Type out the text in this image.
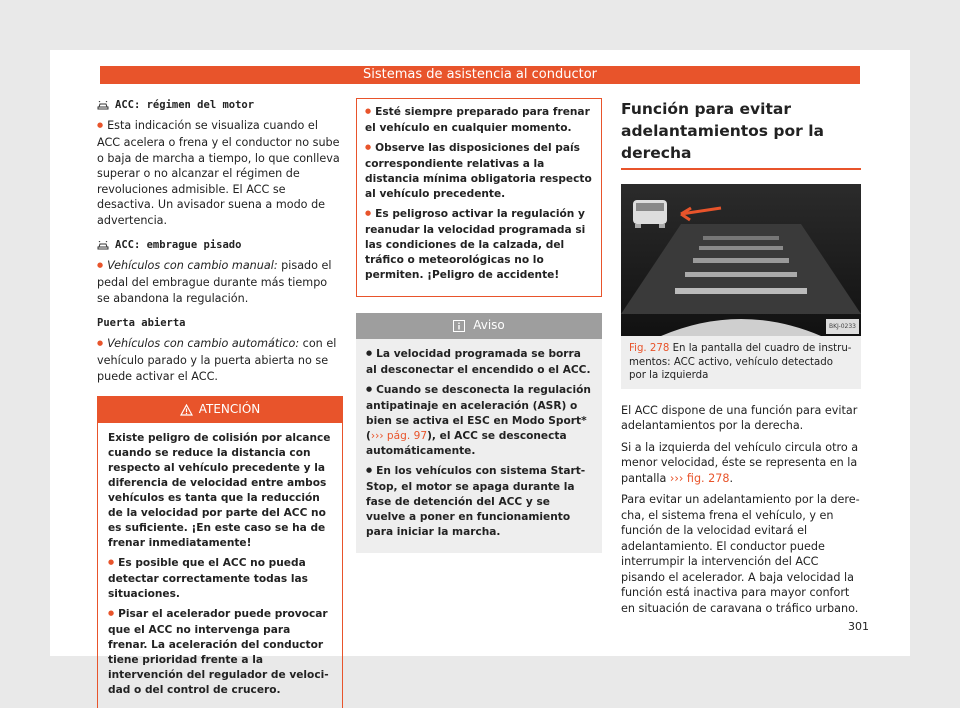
Sistemas de asistencia al conductor
ACC: régimen del motor

● Esta indicación se visualiza cuando el ACC acelera o frena y el conductor no sube o baja de marcha a tiempo, lo que conlleva superar o no alcanzar el régimen de revoluciones admisible. El ACC se desactiva. Un avisador suena a modo de advertencia.

ACC: embrague pisado

● Vehículos con cambio manual: pisado el pedal del embrague durante más tiempo se abandona la regulación.

Puerta abierta

● Vehículos con cambio automático: con el vehículo parado y la puerta abierta no se puede activar el ACC.

ATENCIÓN

Existe peligro de colisión por alcance cuando se reduce la distancia con respecto al vehículo precedente y la diferencia de velocidad entre ambos vehículos es tanta que la reducción de la velocidad por parte del ACC no es suficiente. ¡En este caso se ha de frenar inmediatamente!

● Es posible que el ACC no pueda detectar correctamente todas las situaciones.

● Pisar el acelerador puede provocar que el ACC no intervenga para frenar. La aceleración del conductor tiene prioridad frente a la intervención del regulador de velocidad o del control de crucero.

● Esté siempre preparado para frenar el vehículo en cualquier momento.

● Observe las disposiciones del país correspondiente relativas a la distancia mínima obligatoria respecto al vehículo precedente.

● Es peligroso activar la regulación y reanudar la velocidad programada si las condiciones de la calzada, del tráfico o meteorológicas no lo permiten. ¡Peligro de accidente!

Aviso

● La velocidad programada se borra al desconectar el encendido o el ACC.

● Cuando se desconecta la regulación antipatinaje en aceleración (ASR) o bien se activa el ESC en Modo Sport* (››› pág. 97), el ACC se desconecta automáticamente.

● En los vehículos con sistema Start-Stop, el motor se apaga durante la fase de detención del ACC y se vuelve a poner en funcionamiento para iniciar la marcha.

Función para evitar adelantamientos por la derecha
BKJ-0233
Fig. 278 En la pantalla del cuadro de instrumentos: ACC activo, vehículo detectado por la izquierda

El ACC dispone de una función para evitar adelantamientos por la derecha.

Si a la izquierda del vehículo circula otro a menor velocidad, éste se representa en la pantalla ››› fig. 278.

Para evitar un adelantamiento por la derecha, el sistema frena el vehículo, y en función de la velocidad evitará el adelantamiento. El conductor puede interrumpir la intervención del ACC pisando el acelerador. A baja velocidad la función está inactiva para mayor confort en situación de caravana o tráfico urbano.

301
